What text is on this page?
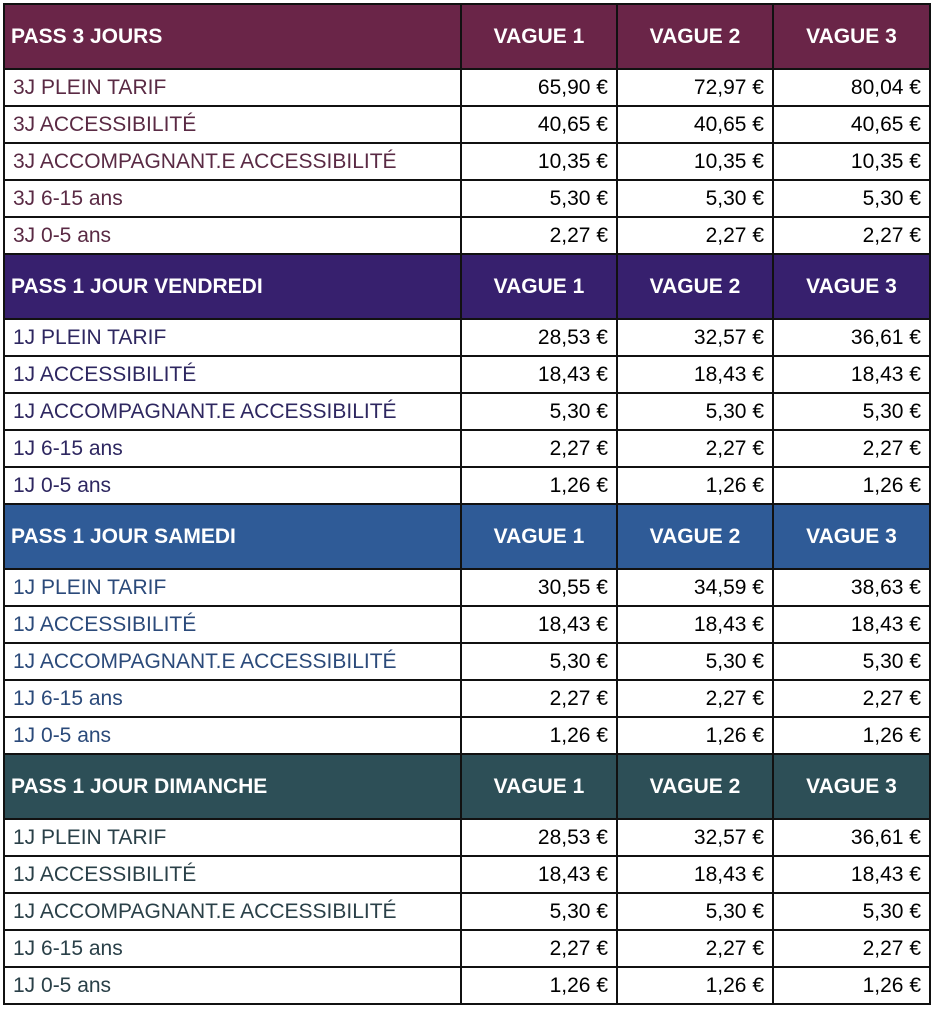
PASS 3 JOURS	VAGUE 1	VAGUE 2	VAGUE 3
3J PLEIN TARIF	65,90 €	72,97 €	80,04 €
3J ACCESSIBILITÉ	40,65 €	40,65 €	40,65 €
3J ACCOMPAGNANT.E ACCESSIBILITÉ	10,35 €	10,35 €	10,35 €
3J 6-15 ans	5,30 €	5,30 €	5,30 €
3J 0-5 ans	2,27 €	2,27 €	2,27 €
PASS 1 JOUR VENDREDI	VAGUE 1	VAGUE 2	VAGUE 3
1J PLEIN TARIF	28,53 €	32,57 €	36,61 €
1J ACCESSIBILITÉ	18,43 €	18,43 €	18,43 €
1J ACCOMPAGNANT.E ACCESSIBILITÉ	5,30 €	5,30 €	5,30 €
1J 6-15 ans	2,27 €	2,27 €	2,27 €
1J 0-5 ans	1,26 €	1,26 €	1,26 €
PASS 1 JOUR SAMEDI	VAGUE 1	VAGUE 2	VAGUE 3
1J PLEIN TARIF	30,55 €	34,59 €	38,63 €
1J ACCESSIBILITÉ	18,43 €	18,43 €	18,43 €
1J ACCOMPAGNANT.E ACCESSIBILITÉ	5,30 €	5,30 €	5,30 €
1J 6-15 ans	2,27 €	2,27 €	2,27 €
1J 0-5 ans	1,26 €	1,26 €	1,26 €
PASS 1 JOUR DIMANCHE	VAGUE 1	VAGUE 2	VAGUE 3
1J PLEIN TARIF	28,53 €	32,57 €	36,61 €
1J ACCESSIBILITÉ	18,43 €	18,43 €	18,43 €
1J ACCOMPAGNANT.E ACCESSIBILITÉ	5,30 €	5,30 €	5,30 €
1J 6-15 ans	2,27 €	2,27 €	2,27 €
1J 0-5 ans	1,26 €	1,26 €	1,26 €
